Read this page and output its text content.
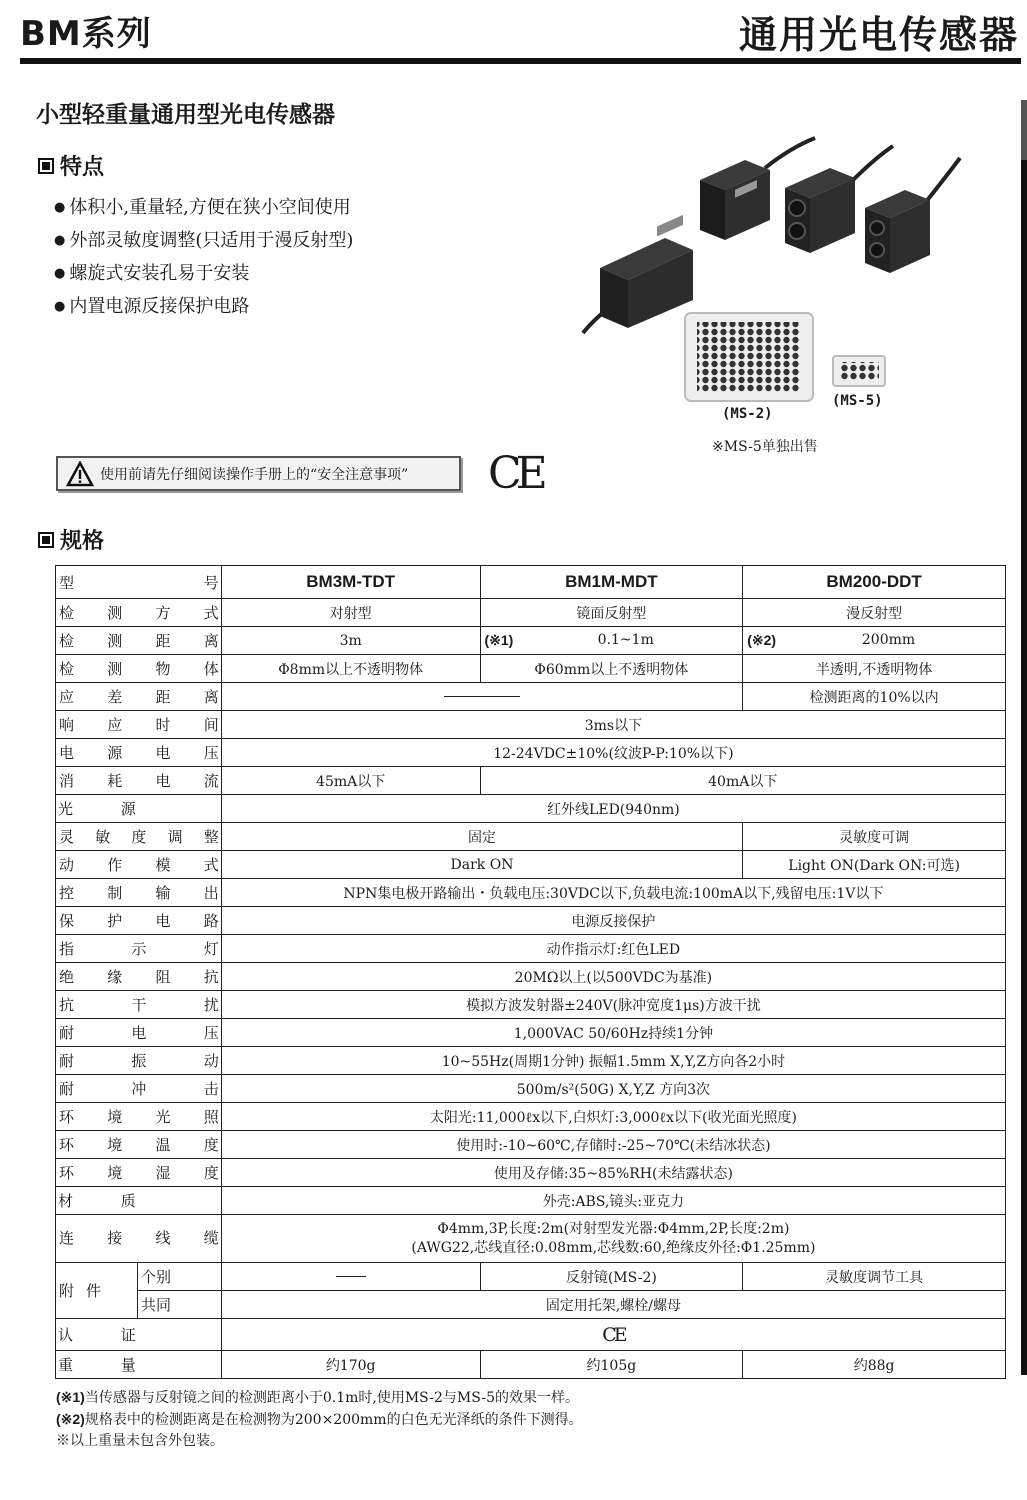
BM系列	通用光电传感器
小型轻重量通用型光电传感器
特点
● 体积小,重量轻,方便在狭小空间使用
● 外部灵敏度调整(只适用于漫反射型)
● 螺旋式安装孔易于安装
● 内置电源反接保护电路
(MS-2)
(MS-5)
※MS-5单独出售
使用前请先仔细阅读操作手册上的“安全注意事项” CE
规格
型号		BM3M-TDT	BM1M-MDT	BM200-DDT
检测方式		对射型	镜面反射型	漫反射型
检测距离		3m	(※1) 0.1~1m	(※2) 200mm
检测物体		Φ8mm以上不透明物体	Φ60mm以上不透明物体	半透明,不透明物体
应差距离				检测距离的10%以内
响应时间		3ms以下		
电源电压		12-24VDC±10%(纹波P-P:10%以下)		
消耗电流		45mA以下	40mA以下	
光源		红外线LED(940nm)		
灵敏度调整		固定		灵敏度可调
动作模式		Dark ON		Light ON(Dark ON:可选)
控制输出		NPN集电极开路输出・负载电压:30VDC以下,负载电流:100mA以下,残留电压:1V以下		
保护电路		电源反接保护		
指示灯		动作指示灯:红色LED		
绝缘阻抗		20MΩ以上(以500VDC为基准)		
抗干扰		模拟方波发射器±240V(脉冲宽度1μs)方波干扰		
耐电压		1,000VAC 50/60Hz持续1分钟		
耐振动		10~55Hz(周期1分钟) 振幅1.5mm X,Y,Z方向各2小时		
耐冲击		500m/s²(50G) X,Y,Z 方向3次		
环境光照		太阳光:11,000ℓx以下,白炽灯:3,000ℓx以下(收光面光照度)		
环境温度		使用时:-10~60℃,存储时:-25~70℃(未结冰状态)		
环境湿度		使用及存储:35~85%RH(未结露状态)		
材质		外壳:ABS,镜头:亚克力		
连接线缆		Φ4mm,3P,长度:2m(对射型发光器:Φ4mm,2P,长度:2m)
(AWG22,芯线直径:0.08mm,芯线数:60,绝缘皮外径:Φ1.25mm)		

附件	个别		反射镜(MS-2)	灵敏度调节工具
	共同	固定用托架,螺栓/螺母		
认证		CE		
重量		约170g	约105g	约88g
(※1)当传感器与反射镜之间的检测距离小于0.1m时,使用MS-2与MS-5的效果一样。
(※2)规格表中的检测距离是在检测物为200×200mm的白色无光泽纸的条件下测得。
※以上重量未包含外包装。
